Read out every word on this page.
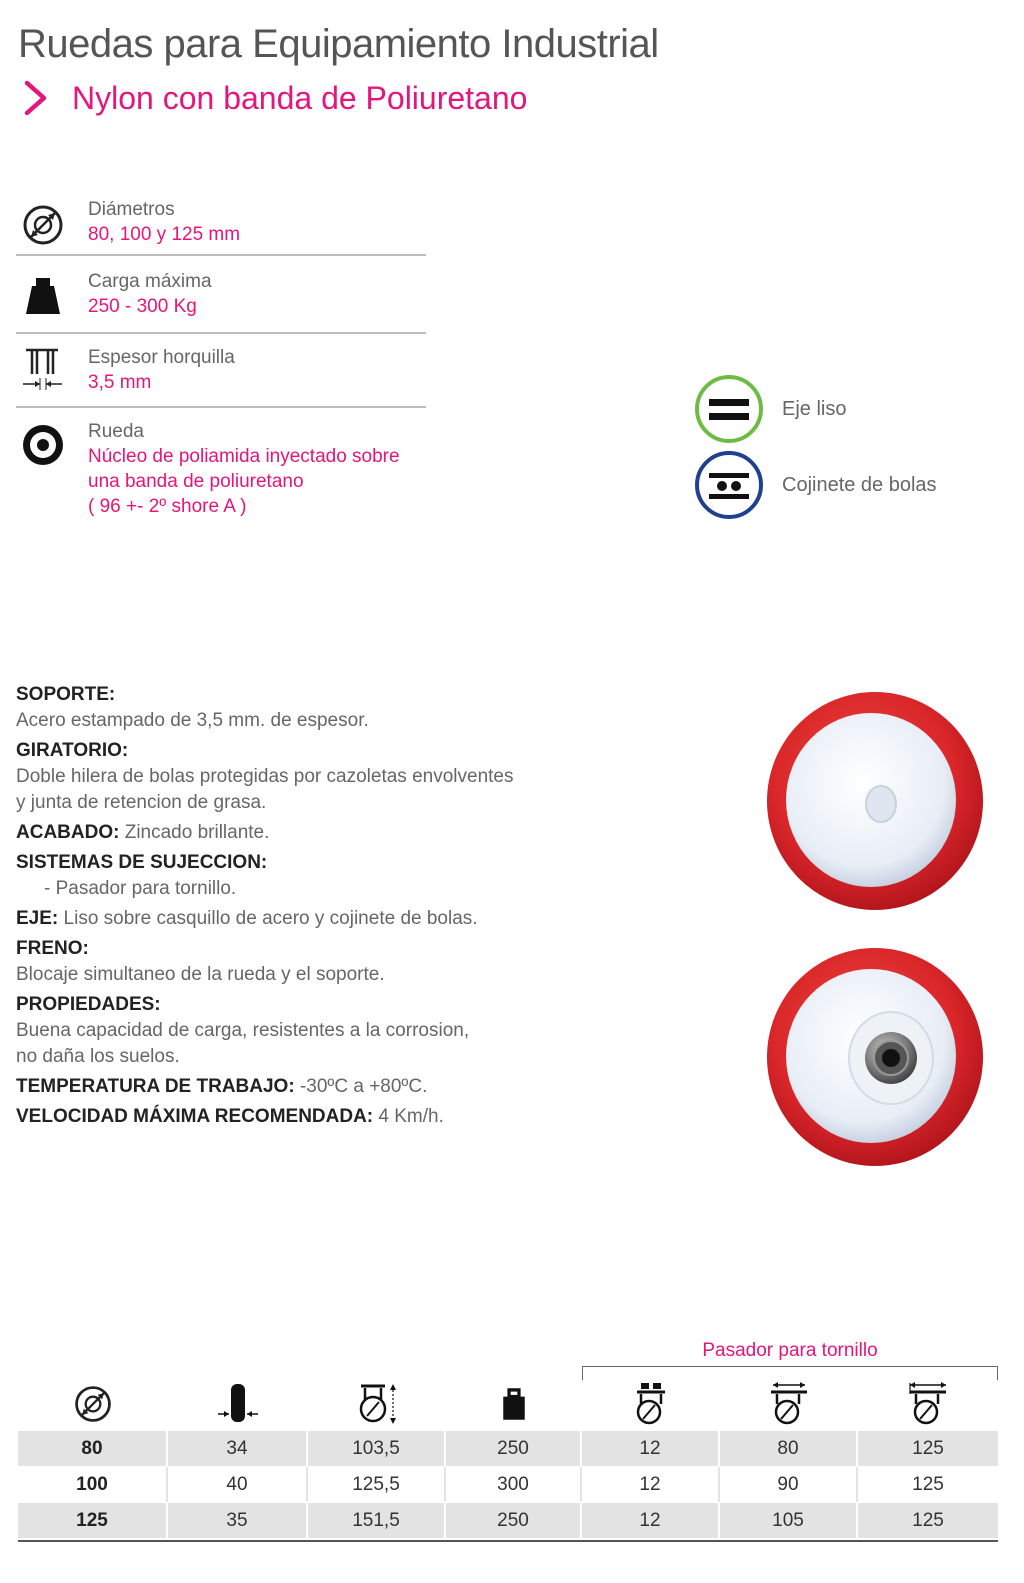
Ruedas para Equipamiento Industrial
Nylon con banda de Poliuretano
Diámetros
80, 100 y 125 mm
Carga máxima
250 - 300 Kg
Espesor horquilla
3,5 mm
Rueda
Núcleo de poliamida inyectado sobre
una banda de poliuretano
( 96 +- 2º shore A )
Eje liso
Cojinete de bolas
SOPORTE:
Acero estampado de 3,5 mm. de espesor.
GIRATORIO:
Doble hilera de bolas protegidas por cazoletas envolventes
y junta de retencion de grasa.
ACABADO: Zincado brillante.
SISTEMAS DE SUJECCION:
- Pasador para tornillo.
EJE: Liso sobre casquillo de acero y cojinete de bolas.
FRENO:
Blocaje simultaneo de la rueda y el soporte.
PROPIEDADES:
Buena capacidad de carga, resistentes a la corrosion,
no daña los suelos.
TEMPERATURA DE TRABAJO: -30ºC a +80ºC.
VELOCIDAD MÁXIMA RECOMENDADA: 4 Km/h.
Pasador para tornillo
80	34	103,5	250	12	80	125
100	40	125,5	300	12	90	125
125	35	151,5	250	12	105	125
